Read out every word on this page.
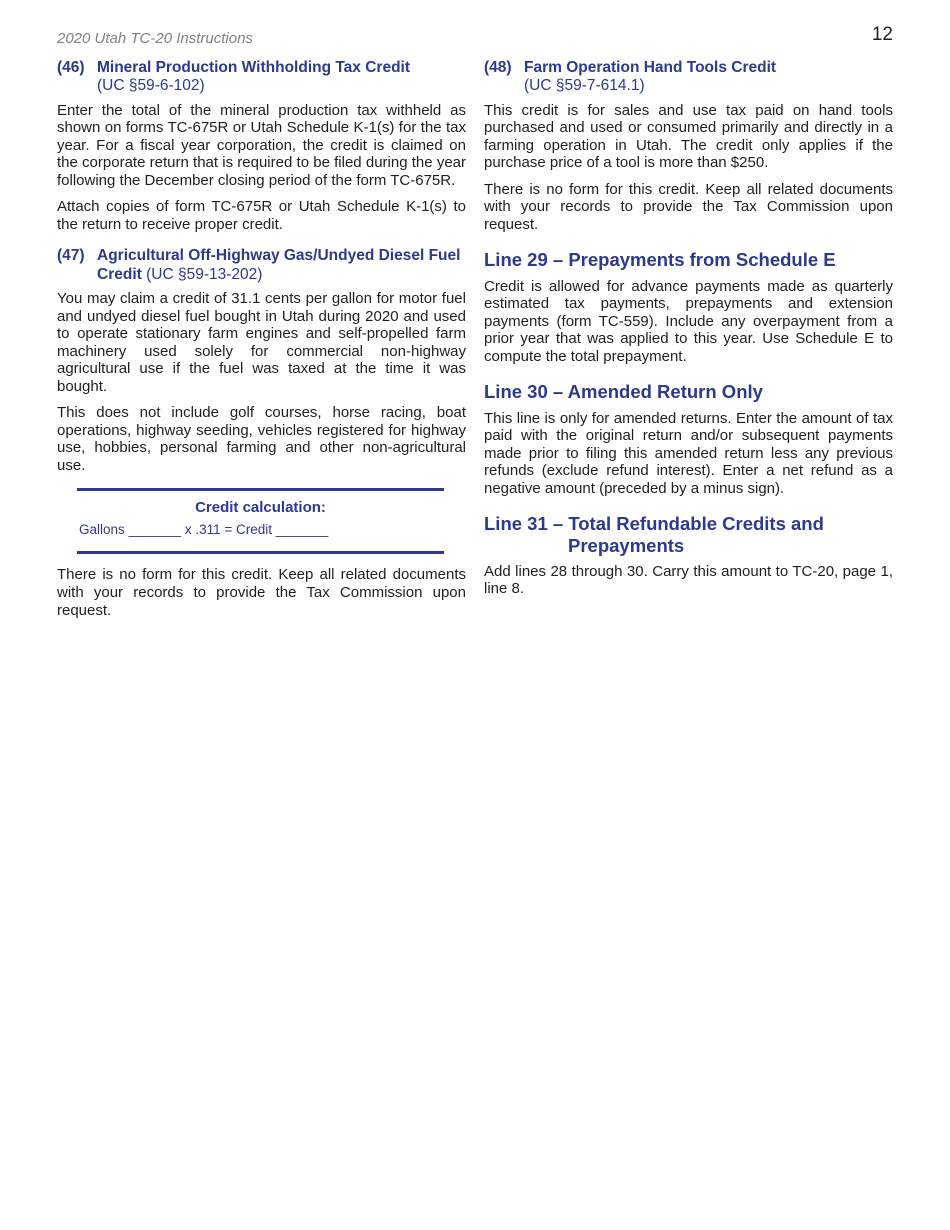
2020 Utah TC-20 Instructions	12
(46) Mineral Production Withholding Tax Credit
(UC §59-6-102)

Enter the total of the mineral production tax withheld as shown on forms TC-675R or Utah Schedule K-1(s) for the tax year. For a fiscal year corporation, the credit is claimed on the corporate return that is required to be filed during the year following the December closing period of the form TC-675R.

Attach copies of form TC-675R or Utah Schedule K-1(s) to the return to receive proper credit.

(47) Agricultural Off-Highway Gas/Undyed Diesel Fuel Credit (UC §59-13-202)

You may claim a credit of 31.1 cents per gallon for motor fuel and undyed diesel fuel bought in Utah during 2020 and used to operate stationary farm engines and self-propelled farm machinery used solely for commercial non-highway agricultural use if the fuel was taxed at the time it was bought.

This does not include golf courses, horse racing, boat operations, highway seeding, vehicles registered for highway use, hobbies, personal farming and other non-agricultural use.

Credit calculation:
Gallons _______ x .311 = Credit _______

There is no form for this credit. Keep all related documents with your records to provide the Tax Commission upon request.

(48) Farm Operation Hand Tools Credit
(UC §59-7-614.1)

This credit is for sales and use tax paid on hand tools purchased and used or consumed primarily and directly in a farming operation in Utah. The credit only applies if the purchase price of a tool is more than $250.

There is no form for this credit. Keep all related documents with your records to provide the Tax Commission upon request.

Line 29 – Prepayments from Schedule E

Credit is allowed for advance payments made as quarterly estimated tax payments, prepayments and extension payments (form TC-559). Include any overpayment from a prior year that was applied to this year. Use Schedule E to compute the total prepayment.

Line 30 – Amended Return Only

This line is only for amended returns. Enter the amount of tax paid with the original return and/or subsequent payments made prior to filing this amended return less any previous refunds (exclude refund interest). Enter a net refund as a negative amount (preceded by a minus sign).

Line 31 – Total Refundable Credits and Prepayments

Add lines 28 through 30. Carry this amount to TC-20, page 1, line 8.
